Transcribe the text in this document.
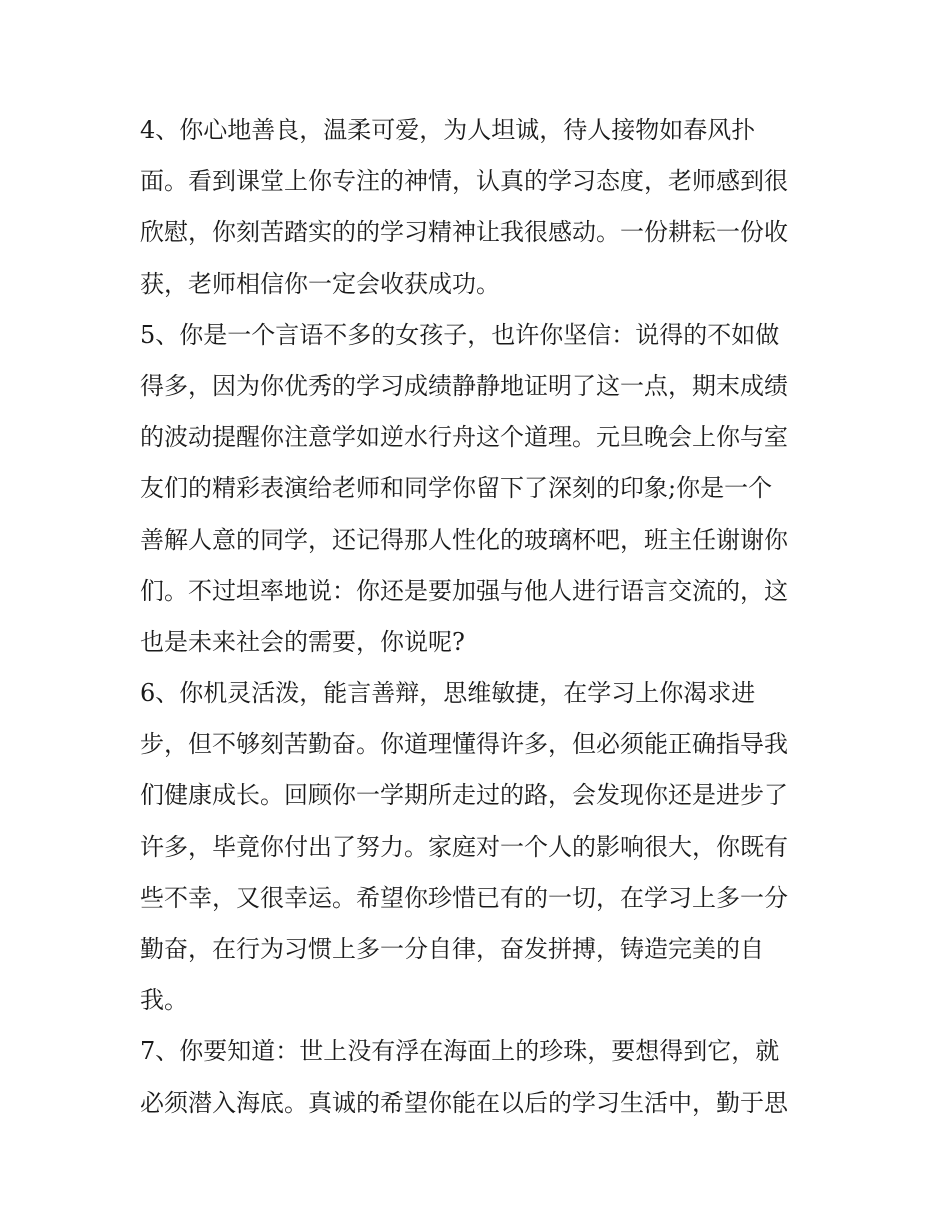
4、你心地善良，温柔可爱，为人坦诚，待人接物如春风扑
面。看到课堂上你专注的神情，认真的学习态度，老师感到很
欣慰，你刻苦踏实的的学习精神让我很感动。一份耕耘一份收
获，老师相信你一定会收获成功。
5、你是一个言语不多的女孩子，也许你坚信：说得的不如做
得多，因为你优秀的学习成绩静静地证明了这一点，期末成绩
的波动提醒你注意学如逆水行舟这个道理。元旦晚会上你与室
友们的精彩表演给老师和同学你留下了深刻的印象;你是一个
善解人意的同学，还记得那人性化的玻璃杯吧，班主任谢谢你
们。不过坦率地说：你还是要加强与他人进行语言交流的，这
也是未来社会的需要，你说呢?
6、你机灵活泼，能言善辩，思维敏捷，在学习上你渴求进
步，但不够刻苦勤奋。你道理懂得许多，但必须能正确指导我
们健康成长。回顾你一学期所走过的路，会发现你还是进步了
许多，毕竟你付出了努力。家庭对一个人的影响很大，你既有
些不幸，又很幸运。希望你珍惜已有的一切，在学习上多一分
勤奋，在行为习惯上多一分自律，奋发拼搏，铸造完美的自
我。
7、你要知道：世上没有浮在海面上的珍珠，要想得到它，就
必须潜入海底。真诚的希望你能在以后的学习生活中，勤于思
